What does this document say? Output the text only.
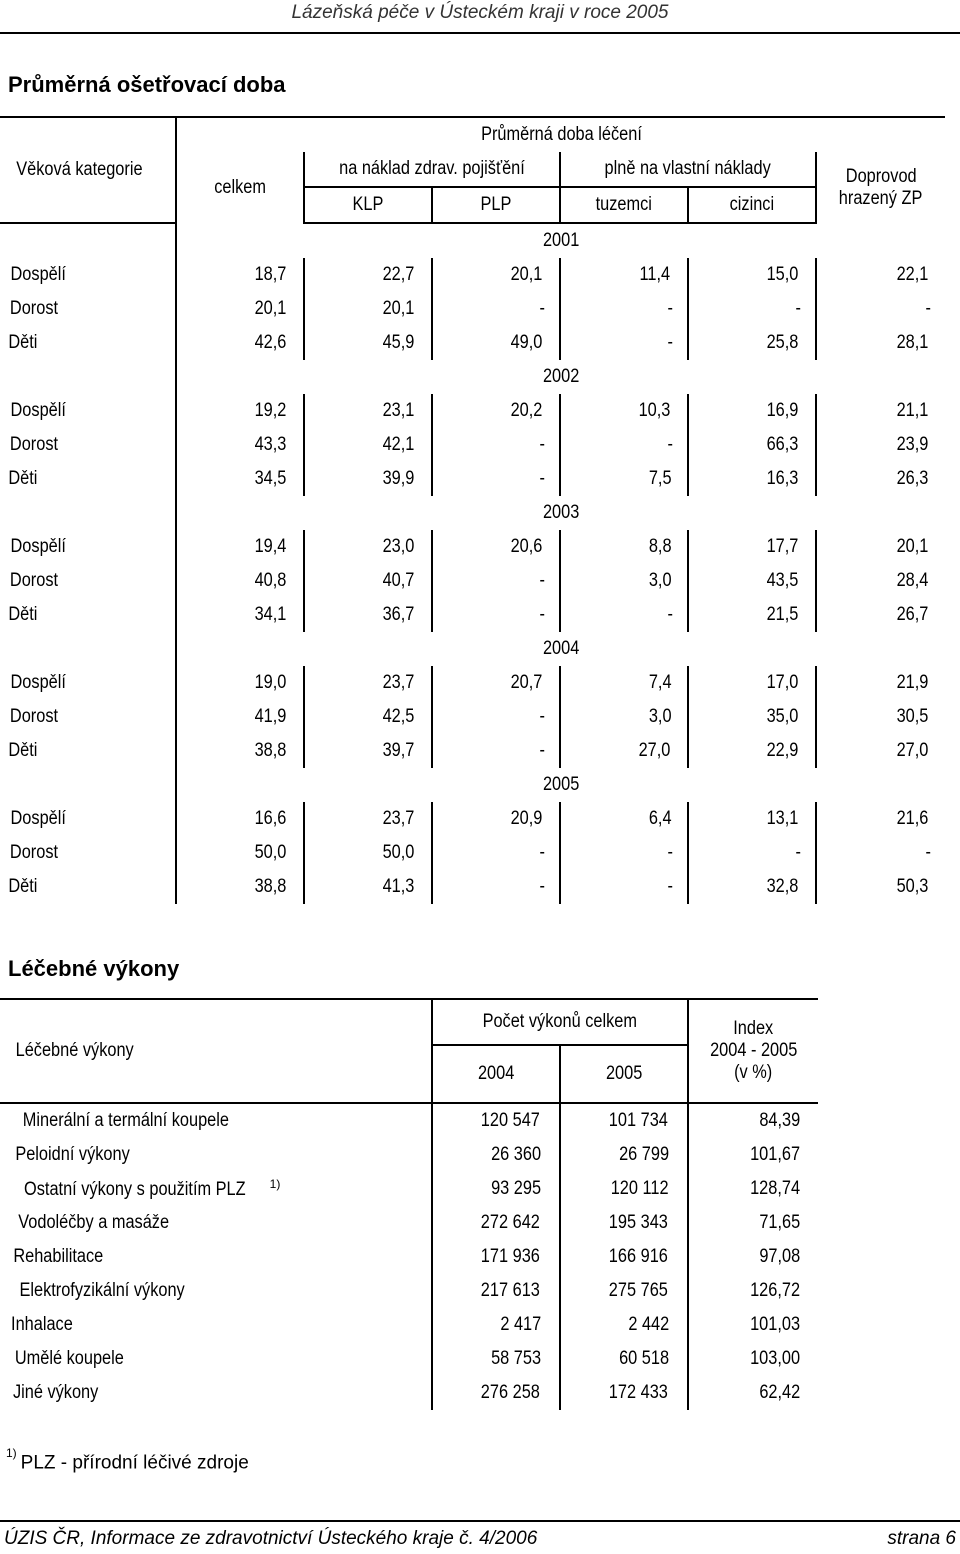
Lázeňská péče v Ústeckém kraji v roce 2005
Průměrná ošetřovací doba
	Průměrná doba léčení					
Věková kategorie	celkem	na náklad zdrav. pojišťění		plně na vlastní náklady		Doprovod
hrazený ZP
		KLP	PLP	tuzemci	cizinci	
	2001					
Dospělí	18,7	22,7	20,1	11,4	15,0	22,1
Dorost	20,1	20,1	-	-	-	-
Děti	42,6	45,9	49,0	-	25,8	28,1
	2002					
Dospělí	19,2	23,1	20,2	10,3	16,9	21,1
Dorost	43,3	42,1	-	-	66,3	23,9
Děti	34,5	39,9	-	7,5	16,3	26,3
	2003					
Dospělí	19,4	23,0	20,6	8,8	17,7	20,1
Dorost	40,8	40,7	-	3,0	43,5	28,4
Děti	34,1	36,7	-	-	21,5	26,7
	2004					
Dospělí	19,0	23,7	20,7	7,4	17,0	21,9
Dorost	41,9	42,5	-	3,0	35,0	30,5
Děti	38,8	39,7	-	27,0	22,9	27,0
	2005					
Dospělí	16,6	23,7	20,9	6,4	13,1	21,6
Dorost	50,0	50,0	-	-	-	-
Děti	38,8	41,3	-	-	32,8	50,3
Léčebné výkony
Léčebné výkony	Počet výkonů celkem		Index
2004 - 2005
(v %)
	2004	2005	
Minerální a termální koupele	120 547	101 734	84,39
Peloidní výkony	26 360	26 799	101,67
Ostatní výkony s použitím PLZ $^{1)}$	93 295	120 112	128,74
Vodoléčby a masáže	272 642	195 343	71,65
Rehabilitace	171 936	166 916	97,08
Elektrofyzikální výkony	217 613	275 765	126,72
Inhalace	2 417	2 442	101,03
Umělé koupele	58 753	60 518	103,00
Jiné výkony	276 258	172 433	62,42
$^{1)}$ PLZ - přírodní léčivé zdroje
ÚZIS ČR, Informace ze zdravotnictví Ústeckého kraje č. 4/2006	strana 6
